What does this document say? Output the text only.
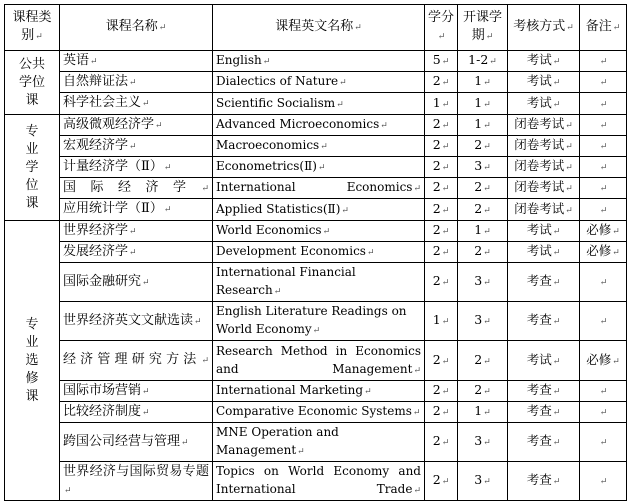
课程类别↵	课程名称↵	课程英文名称↵	学分↵	开课学期↵	考核方式↵	备注↵

公共
学位
课	英语↵	English↵	5↵	1-2↵	考试↵	↵
	自然辩证法↵	Dialectics of Nature↵	2↵	1↵	考试↵	↵
	科学社会主义↵	Scientific Socialism↵	1↵	1↵	考试↵	↵

专
业
学
位
课	高级微观经济学↵	Advanced Microeconomics↵	2↵	1↵	闭卷考试↵	↵
	宏观经济学↵	Macroeconomics↵	2↵	2↵	闭卷考试↵	↵
	计量经济学（Ⅱ）↵	Econometrics(Ⅱ)↵	2↵	3↵	闭卷考试↵	↵
	国际经济学↵	International Economics↵	2↵	2↵	闭卷考试↵	↵
	应用统计学（Ⅱ）↵	Applied Statistics(Ⅱ)↵	2↵	2↵	闭卷考试↵	↵

专
业
选
修
课	世界经济学↵	World Economics↵	2↵	1↵	考试↵	必修↵
	发展经济学↵	Development Economics↵	2↵	2↵	考试↵	必修↵
	国际金融研究↵	International Financial Research↵	2↵	3↵	考查↵	↵
	世界经济英文文献选读↵	English Literature Readings on World Economy↵	1↵	3↵	考查↵	↵
	经济管理研究方法↵	Research Method in Economics and Management↵	2↵	2↵	考试↵	必修↵
	国际市场营销↵	International Marketing↵	2↵	2↵	考查↵	↵
	比较经济制度↵	Comparative Economic Systems↵	2↵	1↵	考查↵	↵
	跨国公司经营与管理↵	MNE Operation and Management↵	2↵	3↵	考查↵	↵
	世界经济与国际贸易专题↵	Topics on World Economy and International Trade↵	2↵	3↵	考查↵	↵
